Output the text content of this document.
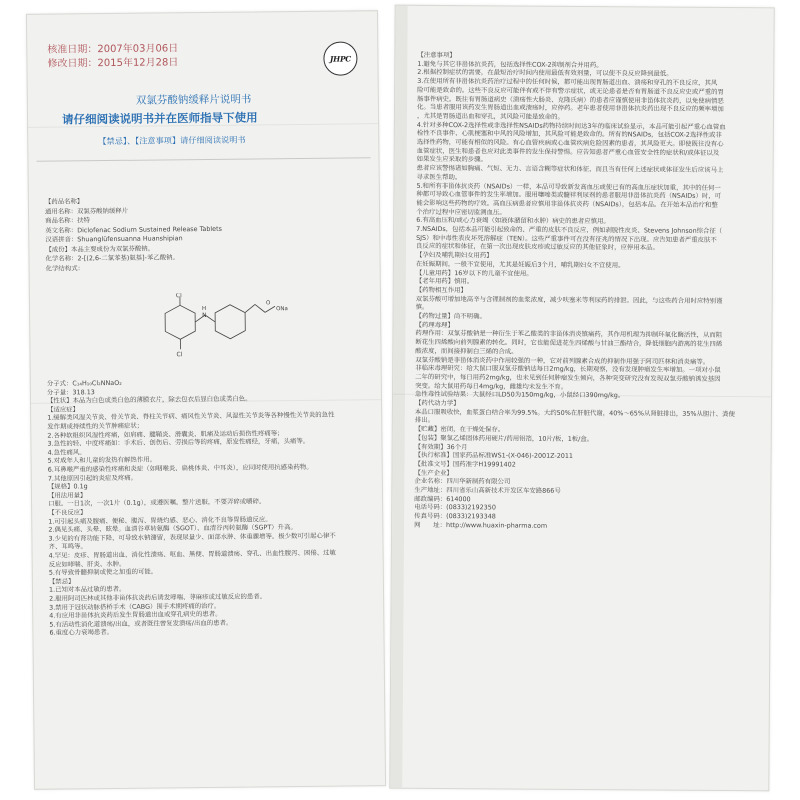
核准日期：2007年03月06日
修改日期：2015年12月28日	JHPC
双氯芬酸钠缓释片说明书
请仔细阅读说明书并在医师指导下使用
【禁忌】、【注意事项】请仔细阅读说明书
【药品名称】
通用名称：双氯芬酸钠缓释片
商品名称：扶特
英文名称：Diclofenac Sodium Sustained Release Tablets
汉语拼音：Shuanglüfensuanna Huanshipian
【成份】本品主要成份为双氯芬酸钠。
化学名称：2-[(2,6-二氯苯基)氨基]-苯乙酸钠。
化学结构式：
Cl
Cl
H
N
O
ONa
分子式：C₁₄H₁₀Cl₂NNaO₂
分子量：318.13
【性状】本品为白色或类白色的薄膜衣片，除去包衣后显白色或类白色。
【适应症】
1.缓解类风湿关节炎、骨关节炎、脊柱关节病、痛风性关节炎、风湿性关节炎等各种慢性关节炎的急性
发作期或持续性的关节肿痛症状；
2.各种软组织风湿性疼痛，如肩痛、腱鞘炎、滑囊炎、肌痛及运动后损伤性疼痛等；
3.急性的轻、中度疼痛如：手术后、创伤后、劳损后等的疼痛，原发性痛经，牙痛，头痛等。
4.急性痛风。
5.对成年人和儿童的发热有解热作用。
6.耳鼻喉严重的感染性疼痛和炎症（如咽喉炎、扁桃体炎、中耳炎），应同时使用抗感染药物。
7.其他原因引起的炎症及疼痛。
【规格】0.1g
【用法用量】
口服。一日1次，一次1片（0.1g），或遵医嘱。整片送服，不要弄碎或嚼碎。
【不良反应】
1.可引起头痛及腹痛、便秘、腹泻、胃烧灼感、恶心、消化不良等胃肠道反应。
2.偶见头痛、头晕、眩晕。血清谷草转氨酶（SGOT）、血清谷丙转氨酶（SGPT）升高。
3.少见的有肾功能下降，可导致水钠潴留，表现尿量少、面部水肿、体重骤增等。极少数可引起心律不
齐、耳鸣等。
4.罕见：皮疹、胃肠道出血、消化性溃疡、呕血、黑便、胃肠道溃疡、穿孔、出血性腹泻、困倦、过敏
反应如哮喘、肝炎、水肿。
5.有导致骨髓抑制或使之加重的可能。
【禁忌】
1.已知对本品过敏的患者。
2.服用阿司匹林或其他非甾体抗炎药后诱发哮喘、荨麻疹或过敏反应的患者。
3.禁用于冠状动脉搭桥手术（CABG）围手术期疼痛的治疗。
4.有应用非甾体抗炎药后发生胃肠道出血或穿孔病史的患者。
5.有活动性消化道溃疡/出血，或者既往曾复发溃疡/出血的患者。
6.重度心力衰竭患者。
【注意事项】
1.避免与其它非甾体抗炎药，包括选择性COX-2抑制剂合并用药。
2.根据控制症状的需要，在最短治疗时间内使用最低有效剂量，可以使不良反应降到最低。
3.在使用所有非甾体抗炎药治疗过程中的任何时候，都可能出现胃肠道出血、溃疡和穿孔的不良反应，其风
险可能是致命的。这些不良反应可能伴有或不伴有警示症状，或无论患者是否有胃肠道不良反应史或严重的胃
肠事件病史。既往有胃肠道病史（溃疡性大肠炎、克隆氏病）的患者应谨慎使用非甾体抗炎药，以免使病情恶
化。当患者服用该药发生胃肠道出血或溃疡时，应停药。老年患者使用非甾体抗炎药出现不良反应的频率增加
，尤其是胃肠道出血和穿孔，其风险可能是致命的。
4.针对多种COX-2选择性或非选择性NSAIDs药物持续时间达3年的临床试验显示，本品可能引起严重心血管血
栓性不良事件、心肌梗塞和中风的风险增加，其风险可能是致命的。所有的NSAIDs，包括COX-2选择性或非
选择性药物，可能有相似的风险。有心血管疾病或心血管疾病危险因素的患者，其风险更大。即使既往没有心
血管症状，医生和患者也应对此类事件的发生保持警惕。应告知患者严重心血管安全性的症状和/或体征以及
如果发生应采取的步骤。
患者应该警惕诸如胸痛、气短、无力、言语含糊等症状和体征，而且当有任何上述症状或体征发生后应该马上
寻求医生帮助。
5.和所有非甾体抗炎药（NSAIDs）一样，本品可导致新发高血压或使已有的高血压症状加重，其中的任何一
种都可导致心血管事件的发生率增加。服用噻嗪类或髓袢利尿剂的患者服用非甾体抗炎药（NSAIDs）时，可
能会影响这些药物的疗效。高血压病患者应慎用非甾体抗炎药（NSAIDs），包括本品。在开始本品治疗和整
个治疗过程中应密切监测血压。
6.有高血压和/或心力衰竭（如液体潴留和水肿）病史的患者应慎用。
7.NSAIDs，包括本品可能引起致命的、严重的皮肤不良反应，例如剥脱性皮炎、Stevens Johnson综合征（
SJS）和中毒性表皮坏死溶解症（TEN）。这些严重事件可在没有征兆的情况下出现。应告知患者严重皮肤不
良反应的症状和体征，在第一次出现皮肤皮疹或过敏反应的其他征象时，应停用本品。
【孕妇及哺乳期妇女用药】
在妊娠期间，一般不宜使用，尤其是妊娠后3个月，哺乳期妇女不宜使用。
【儿童用药】16岁以下的儿童不宜使用。
【老年用药】慎用。
【药物相互作用】
双氯芬酸可增加地高辛与含锂制剂的血浆浓度，减少呋塞米等利尿药的排泄。因此，与这些药合用时应特别谨
慎。
【药物过量】尚不明确。
【药理毒理】
药理作用：双氯芬酸钠是一种衍生于苯乙酸类的非甾体消炎镇痛药，其作用机理为抑制环氧化酶活性，从而阻
断花生四烯酸向前列腺素的转化。同时，它也能促进花生四烯酸与甘油三酯结合，降低细胞内游离的花生四烯
酸浓度，而间接抑制白三烯的合成。
双氯芬酸钠是非甾体消炎药中作用较强的一种，它对前列腺素合成的抑制作用强于阿司匹林和消炎痛等。
非临床毒理研究：给大鼠口服双氯芬酸钠达每日2mg/kg，长期观察，没有发现肿瘤发生率增加。一项对小鼠
二年的研究中，每日用药2mg/kg，也未见到任何肿瘤发生倾向，各种突变研究没有发现双氯芬酸钠诱发基因
突变。给大鼠用药每日4mg/kg，雌雄均未发生不育。
急性毒性试验结果：大鼠经口LD50为150mg/kg，小鼠经口390mg/kg。
【药代动力学】
本品口服吸收快，血浆蛋白结合率为99.5%。大约50%在肝脏代谢，40%～65%从肾脏排出，35%从胆汁、粪便
排出。
【贮藏】密闭，在干燥处保存。
【包装】聚氯乙烯固体药用硬片/药用铝箔，10片/板，1板/盒。
【有效期】36个月
【执行标准】国家药品标准WS1-(X-046)-2001Z-2011
【批准文号】国药准字H19991402
【生产企业】
企业名称：四川华新制药有限公司
生产地址：四川省乐山高新技术开发区车安路866号
邮政编码：614000
电话号码：(0833)2192350
传真号码：(0833)2193348
网　　址：http://www.huaxin-pharma.com
